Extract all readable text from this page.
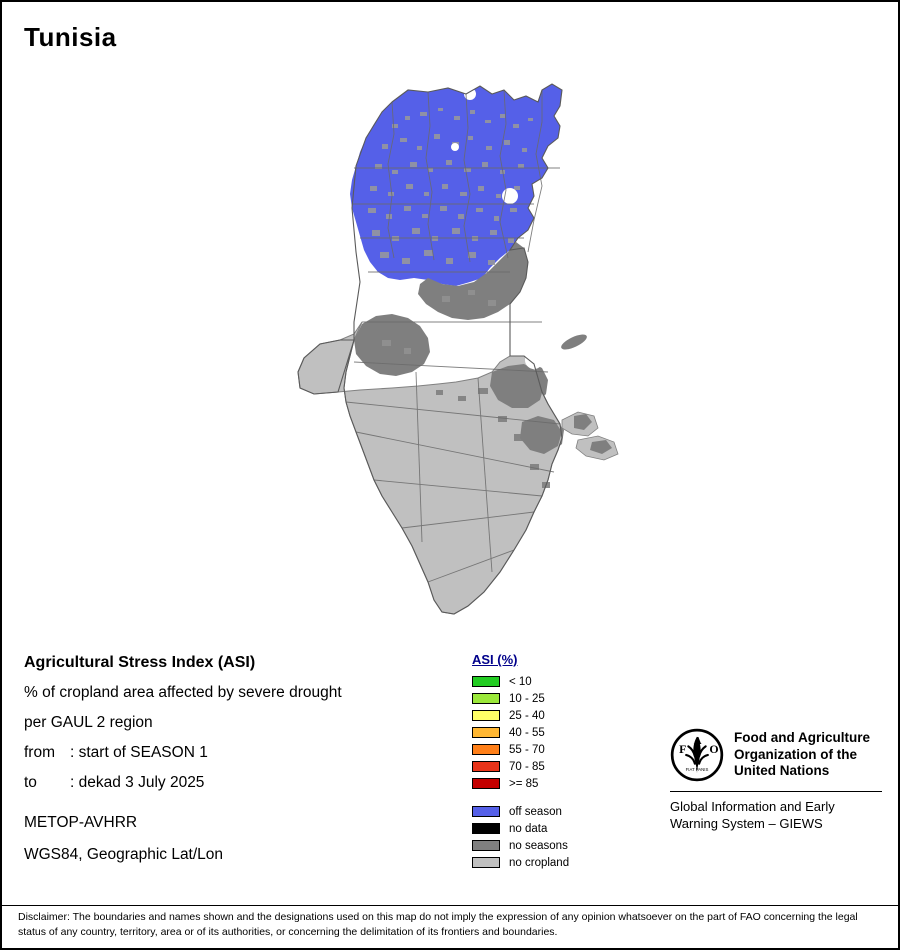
Tunisia
Agricultural Stress Index (ASI)
% of cropland area affected by severe drought
per GAUL 2 region
from : start of SEASON 1
to	: dekad 3 July 2025
METOP-AVHRR
WGS84, Geographic Lat/Lon
ASI (%)
< 10
10 - 25
25 - 40
40 - 55
55 - 70
70 - 85
>= 85
off season
no data
no seasons
no cropland
F O
A
FIAT PANIS
Food and Agriculture
Organization of the
United Nations
Global Information and Early
Warning System – GIEWS
Disclaimer: The boundaries and names shown and the designations used on this map do not imply the expression of any opinion whatsoever on the part of FAO concerning the legal status of any country, territory, area or of its authorities, or concerning the delimitation of its frontiers and boundaries.
